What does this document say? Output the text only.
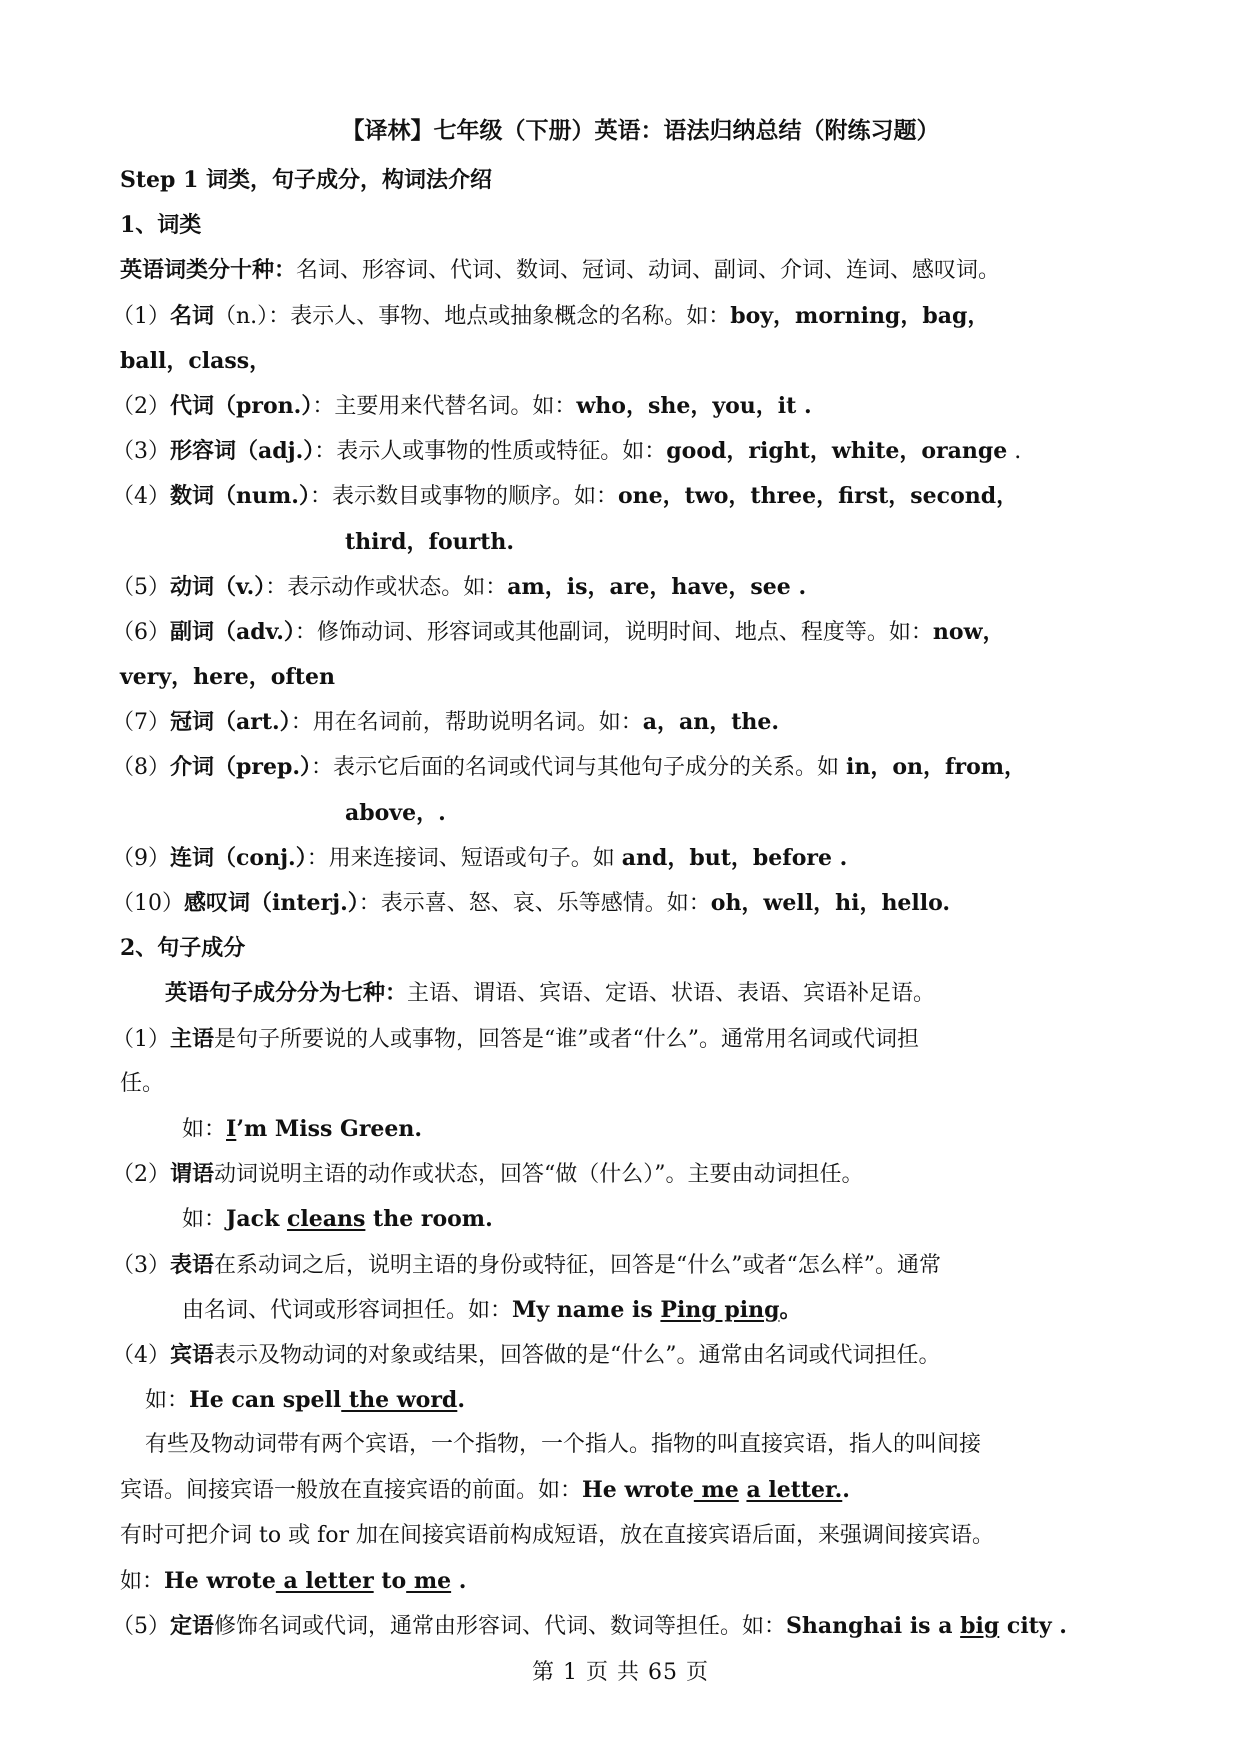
【译林】七年级（下册）英语：语法归纳总结（附练习题）
Step 1 词类，句子成分，构词法介绍
1、词类
英语词类分十种：名词、形容词、代词、数词、冠词、动词、副词、介词、连词、感叹词。
（1）名词（n.）：表示人、事物、地点或抽象概念的名称。如：boy，morning，bag，
ball，class，
（2）代词（pron.）：主要用来代替名词。如：who，she，you，it .
（3）形容词（adj.）：表示人或事物的性质或特征。如：good，right，white，orange .
（4）数词（num.）：表示数目或事物的顺序。如：one，two，three，first，second，
third，fourth.
（5）动词（v.）：表示动作或状态。如：am，is，are，have，see .
（6）副词（adv.）：修饰动词、形容词或其他副词，说明时间、地点、程度等。如：now，
very，here，often
（7）冠词（art.）：用在名词前，帮助说明名词。如：a，an，the.
（8）介词（prep.）：表示它后面的名词或代词与其他句子成分的关系。如 in，on，from，
above，.
（9）连词（conj.）：用来连接词、短语或句子。如 and，but，before .
（10）感叹词（interj.）：表示喜、怒、哀、乐等感情。如：oh，well，hi，hello.
2、句子成分
英语句子成分分为七种：主语、谓语、宾语、定语、状语、表语、宾语补足语。
（1）主语是句子所要说的人或事物，回答是“谁”或者“什么”。通常用名词或代词担
任。
如：I’m Miss Green.
（2）谓语动词说明主语的动作或状态，回答“做（什么）”。主要由动词担任。
如：Jack cleans the room.
（3）表语在系动词之后，说明主语的身份或特征，回答是“什么”或者“怎么样”。通常
由名词、代词或形容词担任。如：My name is Ping ping。
（4）宾语表示及物动词的对象或结果，回答做的是“什么”。通常由名词或代词担任。
如：He can spell the word.
有些及物动词带有两个宾语，一个指物，一个指人。指物的叫直接宾语，指人的叫间接
宾语。间接宾语一般放在直接宾语的前面。如：He wrote me a letter..
有时可把介词 to 或 for 加在间接宾语前构成短语，放在直接宾语后面，来强调间接宾语。
如：He wrote a letter to me .
（5）定语修饰名词或代词，通常由形容词、代词、数词等担任。如：Shanghai is a big city .
第 1 页 共 65 页
